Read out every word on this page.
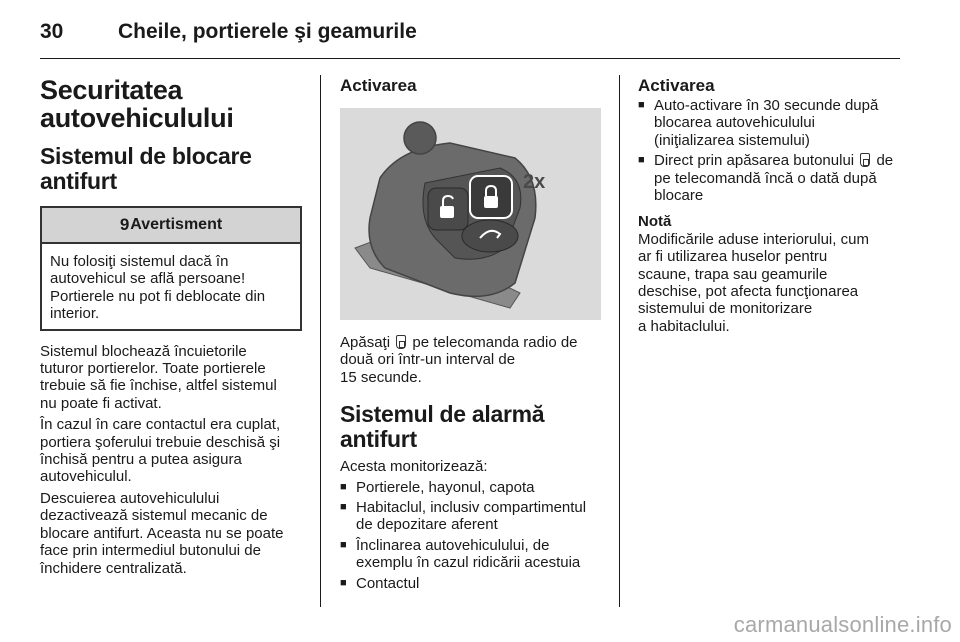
30	Cheile, portierele şi geamurile
Securitatea
autovehiculului
Sistemul de blocare
antifurt
9 Avertisment
Nu folosiţi sistemul dacă în
autovehicul se află persoane!
Portierele nu pot fi deblocate din
interior.
Sistemul blochează încuietorile
tuturor portierelor. Toate portierele
trebuie să fie închise, altfel sistemul
nu poate fi activat.
În cazul în care contactul era cuplat,
portiera şoferului trebuie deschisă şi
închisă pentru a putea asigura
autovehiculul.
Descuierea autovehiculului
dezactivează sistemul mecanic de
blocare antifurt. Aceasta nu se poate
face prin intermediul butonului de
închidere centralizată.
Activarea
2x
Apăsaţi pe telecomanda radio de
două ori într-un interval de
15 secunde.
Sistemul de alarmă antifurt
Acesta monitorizează:
■ Portierele, hayonul, capota
■ Habitaclul, inclusiv compartimentul
de depozitare aferent
■ Înclinarea autovehiculului, de
exemplu în cazul ridicării acestuia
■ Contactul
Activarea
■ Auto-activare în 30 secunde după
blocarea autovehiculului
(iniţializarea sistemului)
■ Direct prin apăsarea butonului de
pe telecomandă încă o dată după
blocare
Notă
Modificările aduse interiorului, cum
ar fi utilizarea huselor pentru
scaune, trapa sau geamurile
deschise, pot afecta funcţionarea
sistemului de monitorizare
a habitaclului.
carmanualsonline.info
